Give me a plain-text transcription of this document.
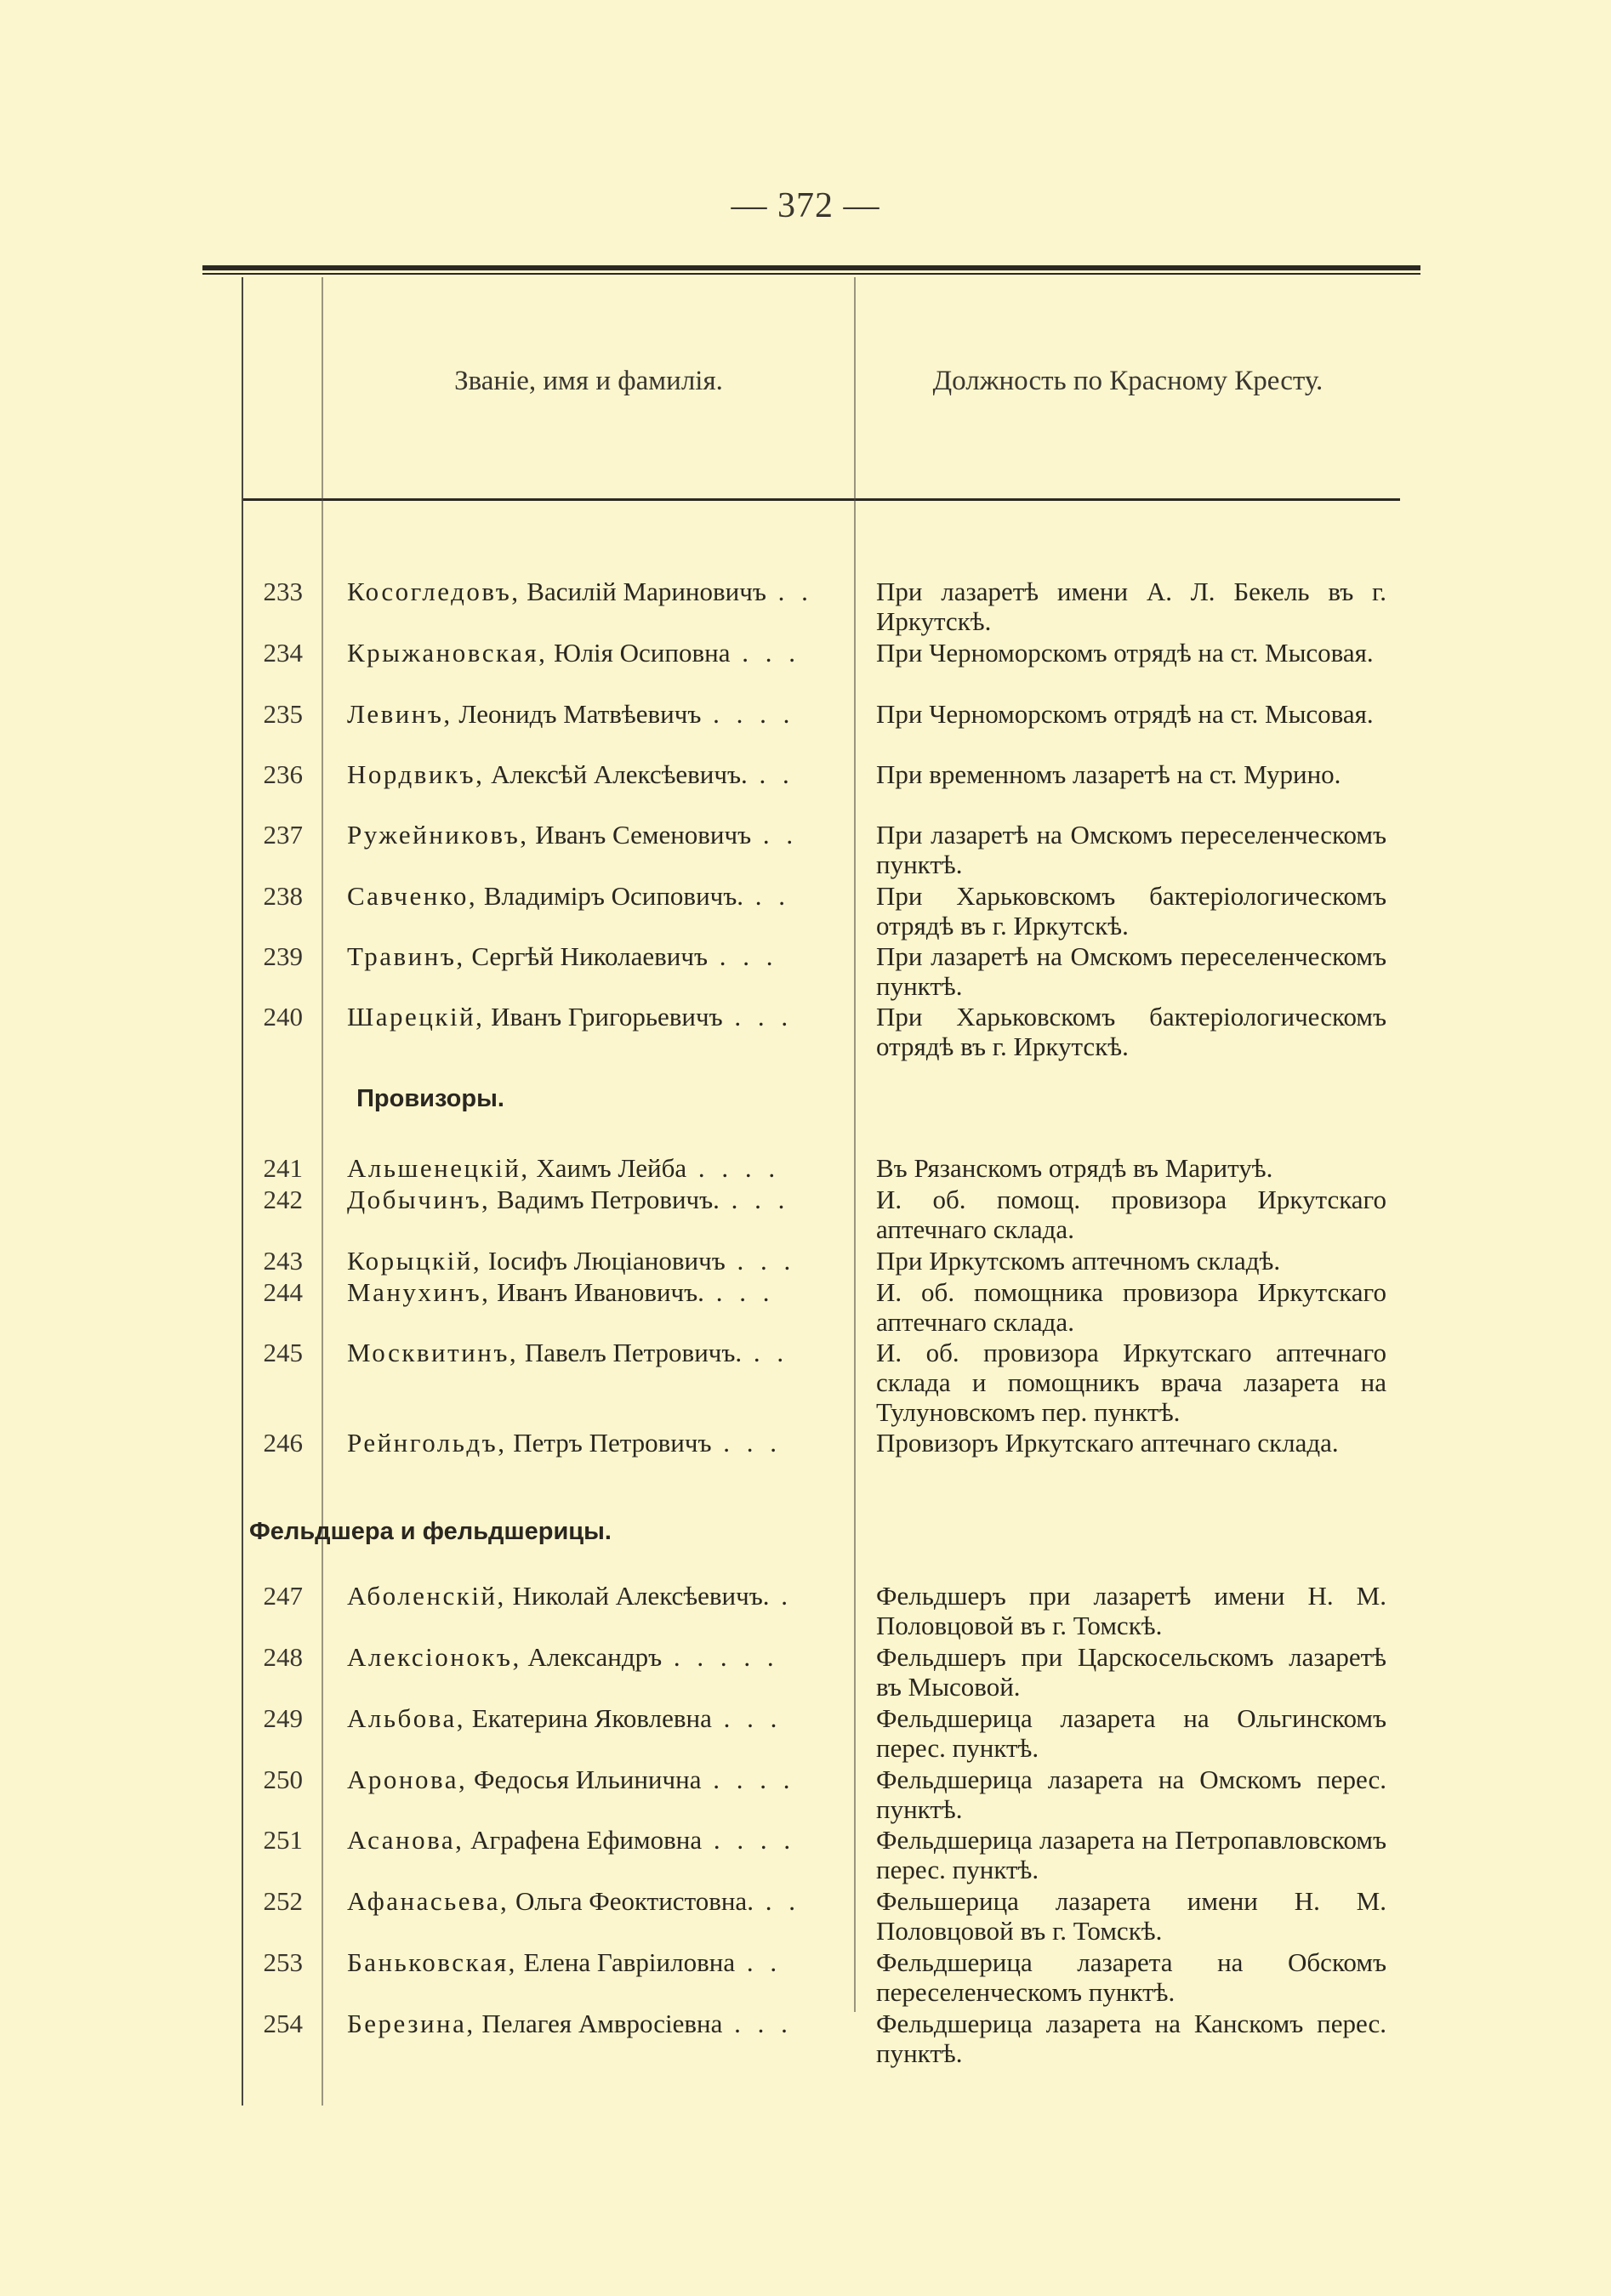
— 372 —
Званіе, имя и фамилія.	Должность по Красному Кресту.
233 Косогледовъ, Василій Мариновичъ . .	При лазаретѣ имени А. Л. Бекель въ г. Иркутскѣ.
234 Крыжановская, Юлія Осиповна . . .	При Черноморскомъ отрядѣ на ст. Мысовая.
235 Левинъ, Леонидъ Матвѣевичъ . . . .	При Черноморскомъ отрядѣ на ст. Мысовая.
236 Нордвикъ, Алексѣй Алексѣевичъ. . .	При временномъ лазаретѣ на ст. Мурино.
237 Ружейниковъ, Иванъ Семеновичъ . .	При лазаретѣ на Омскомъ переселенческомъ пунктѣ.
238 Савченко, Владиміръ Осиповичъ. . .	При Харьковскомъ бактеріологическомъ отрядѣ въ г. Иркутскѣ.
239 Травинъ, Сергѣй Николаевичъ . . .	При лазаретѣ на Омскомъ переселенческомъ пунктѣ.
240 Шарецкій, Иванъ Григорьевичъ . . .	При Харьковскомъ бактеріологическомъ отрядѣ въ г. Иркутскѣ.
Провизоры.
241 Альшенецкій, Хаимъ Лейба . . . .	Въ Рязанскомъ отрядѣ въ Маритуѣ.
242 Добычинъ, Вадимъ Петровичъ. . . .	И. об. помощ. провизора Иркутскаго аптечнаго склада.
243 Корыцкій, Іосифъ Люціановичъ . . .	При Иркутскомъ аптечномъ складѣ.
244 Манухинъ, Иванъ Ивановичъ. . . .	И. об. помощника провизора Иркутскаго аптечнаго склада.
245 Москвитинъ, Павелъ Петровичъ. . .	И. об. провизора Иркутскаго аптечнаго склада и помощникъ врача лазарета на Тулуновскомъ пер. пунктѣ.
246 Рейнгольдъ, Петръ Петровичъ . . .	Провизоръ Иркутскаго аптечнаго склада.
Фельдшера и фельдшерицы.
247 Аболенскій, Николай Алексѣевичъ. .	Фельдшеръ при лазаретѣ имени Н. М. Половцовой въ г. Томскѣ.
248 Алексіонокъ, Александръ . . . . .	Фельдшеръ при Царскосельскомъ лазаретѣ въ Мысовой.
249 Альбова, Екатерина Яковлевна . . .	Фельдшерица лазарета на Ольгинскомъ перес. пунктѣ.
250 Аронова, Федосья Ильинична . . . .	Фельдшерица лазарета на Омскомъ перес. пунктѣ.
251 Асанова, Аграфена Ефимовна . . . .	Фельдшерица лазарета на Петропавловскомъ перес. пунктѣ.
252 Афанасьева, Ольга Феоктистовна. . .	Фельшерица лазарета имени Н. М. Половцовой въ г. Томскѣ.
253 Баньковская, Елена Гавріиловна . .	Фельдшерица лазарета на Обскомъ переселенческомъ пунктѣ.
254 Березина, Пелагея Амвросіевна . . .	Фельдшерица лазарета на Канскомъ перес. пунктѣ.
